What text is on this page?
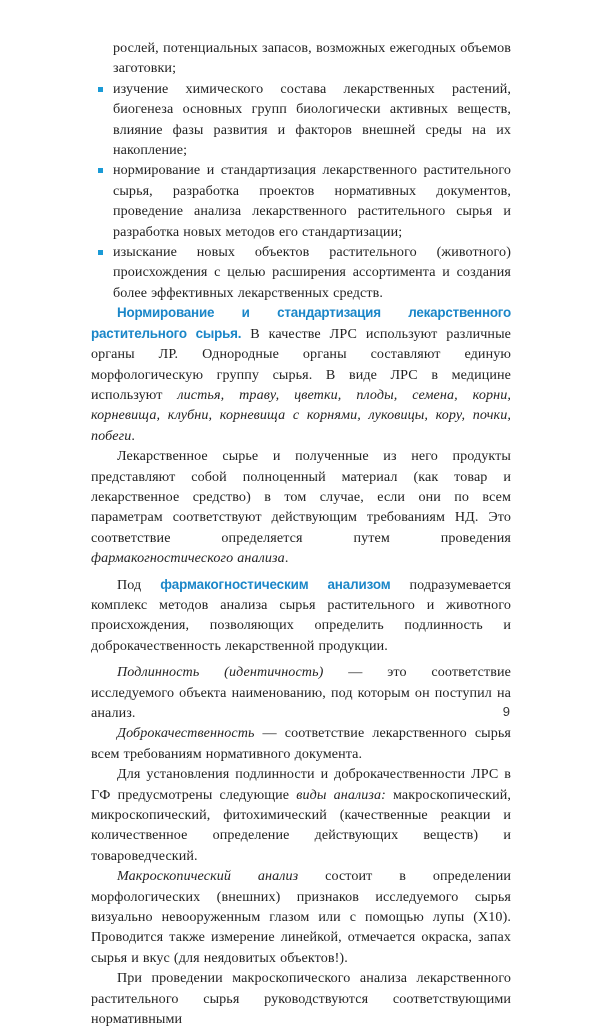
рослей, потенциальных запасов, возможных ежегодных объемов заготовки;
изучение химического состава лекарственных растений, биогенеза основных групп биологически активных веществ, влияние фазы развития и факторов внешней среды на их накопление;
нормирование и стандартизация лекарственного растительного сырья, разработка проектов нормативных документов, проведение анализа лекарственного растительного сырья и разработка новых методов его стандартизации;
изыскание новых объектов растительного (животного) происхождения с целью расширения ассортимента и создания более эффективных лекарственных средств.

Нормирование и стандартизация лекарственного растительного сырья. В качестве ЛРС используют различные органы ЛР. Однородные органы составляют единую морфологическую группу сырья. В виде ЛРС в медицине используют листья, траву, цветки, плоды, семена, корни, корневища, клубни, корневища с корнями, луковицы, кору, почки, побеги.

Лекарственное сырье и полученные из него продукты представляют собой полноценный материал (как товар и лекарственное средство) в том случае, если они по всем параметрам соответствуют действующим требованиям НД. Это соответствие определяется путем проведения фармакогностического анализа.

Под фармакогностическим анализом подразумевается комплекс методов анализа сырья растительного и животного происхождения, позволяющих определить подлинность и доброкачественность лекарственной продукции.

Подлинность (идентичность) — это соответствие исследуемого объекта наименованию, под которым он поступил на анализ.

Доброкачественность — соответствие лекарственного сырья всем требованиям нормативного документа.

Для установления подлинности и доброкачественности ЛРС в ГФ предусмотрены следующие виды анализа: макроскопический, микроскопический, фитохимический (качественные реакции и количественное определение действующих веществ) и товароведческий.

Макроскопический анализ состоит в определении морфологических (внешних) признаков исследуемого сырья визуально невооруженным глазом или с помощью лупы (Х10). Проводится также измерение линейкой, отмечается окраска, запах сырья и вкус (для неядовитых объектов!).

При проведении макроскопического анализа лекарственного растительного сырья руководствуются соответствующими нормативными

9
